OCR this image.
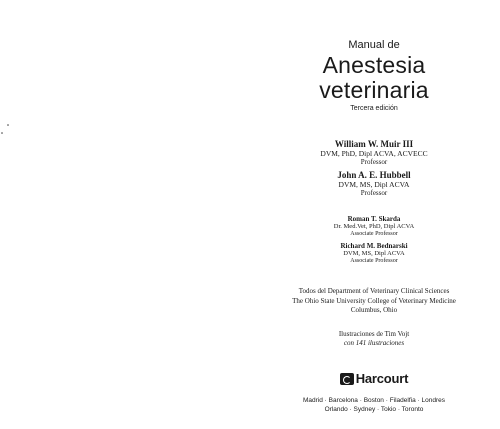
Manual de
Anestesia
veterinaria
Tercera edición
William W. Muir III
DVM, PhD, Dipl ACVA, ACVECC
Professor
John A. E. Hubbell
DVM, MS, Dipl ACVA
Professor
Roman T. Skarda
Dr. Med.Vet, PhD, Dipl ACVA
Associate Professor
Richard M. Bednarski
DVM, MS, Dipl ACVA
Associate Professor
Todos del Department of Veterinary Clinical Sciences
The Ohio State University College of Veterinary Medicine
Columbus, Ohio
Ilustraciones de Tim Vojt
con 141 ilustraciones
Harcourt
Madrid · Barcelona · Boston · Filadelfia · Londres
Orlando · Sydney · Tokio · Toronto
